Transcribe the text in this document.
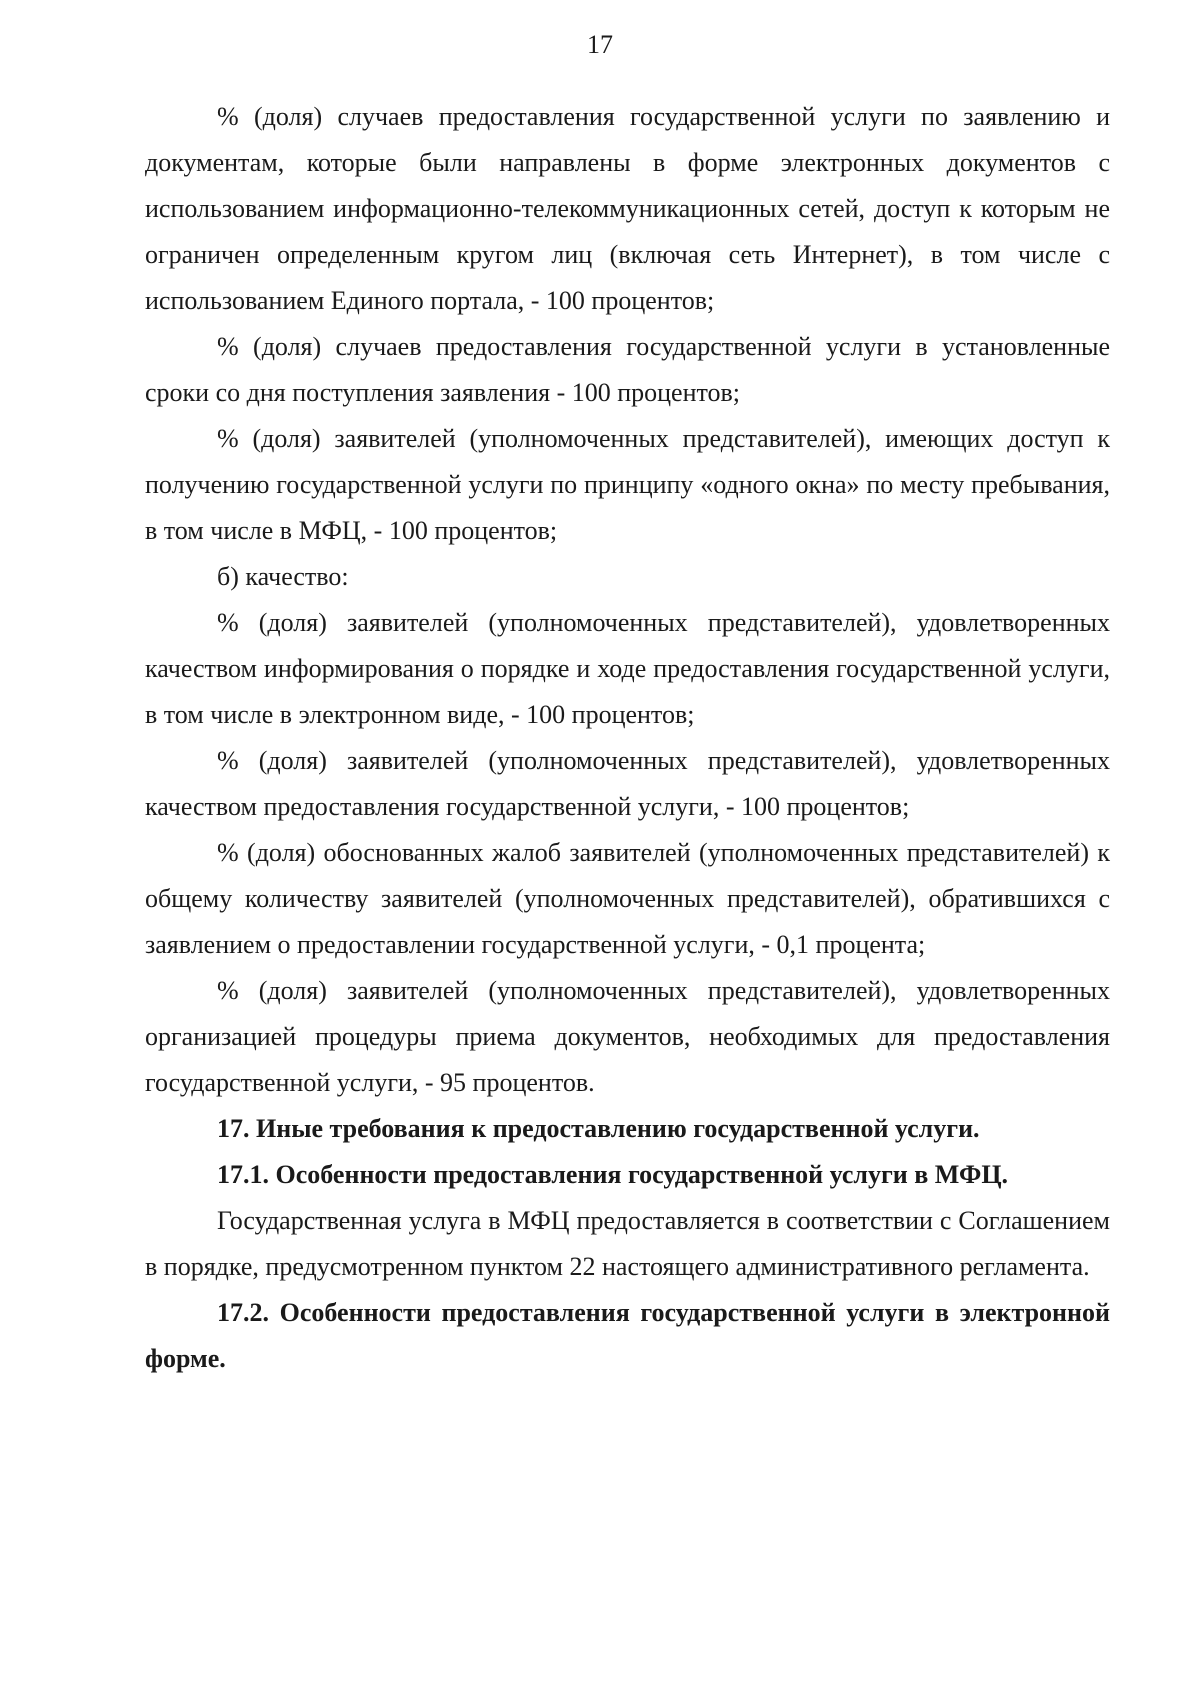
17

% (доля) случаев предоставления государственной услуги по заявлению и документам, которые были направлены в форме электронных документов с использованием информационно-телекоммуникационных сетей, доступ к которым не ограничен определенным кругом лиц (включая сеть Интернет), в том числе с использованием Единого портала, - 100 процентов;

% (доля) случаев предоставления государственной услуги в установленные сроки со дня поступления заявления - 100 процентов;

% (доля) заявителей (уполномоченных представителей), имеющих доступ к получению государственной услуги по принципу «одного окна» по месту пребывания, в том числе в МФЦ, - 100 процентов;

б) качество:

% (доля) заявителей (уполномоченных представителей), удовлетворенных качеством информирования о порядке и ходе предоставления государственной услуги, в том числе в электронном виде, - 100 процентов;

% (доля) заявителей (уполномоченных представителей), удовлетворенных качеством предоставления государственной услуги, - 100 процентов;

% (доля) обоснованных жалоб заявителей (уполномоченных представителей) к общему количеству заявителей (уполномоченных представителей), обратившихся с заявлением о предоставлении государственной услуги, - 0,1 процента;

% (доля) заявителей (уполномоченных представителей), удовлетворенных организацией процедуры приема документов, необходимых для предоставления государственной услуги, - 95 процентов.

17. Иные требования к предоставлению государственной услуги.

17.1. Особенности предоставления государственной услуги в МФЦ.

Государственная услуга в МФЦ предоставляется в соответствии с Соглашением в порядке, предусмотренном пунктом 22 настоящего административного регламента.

17.2. Особенности предоставления государственной услуги в электронной форме.
